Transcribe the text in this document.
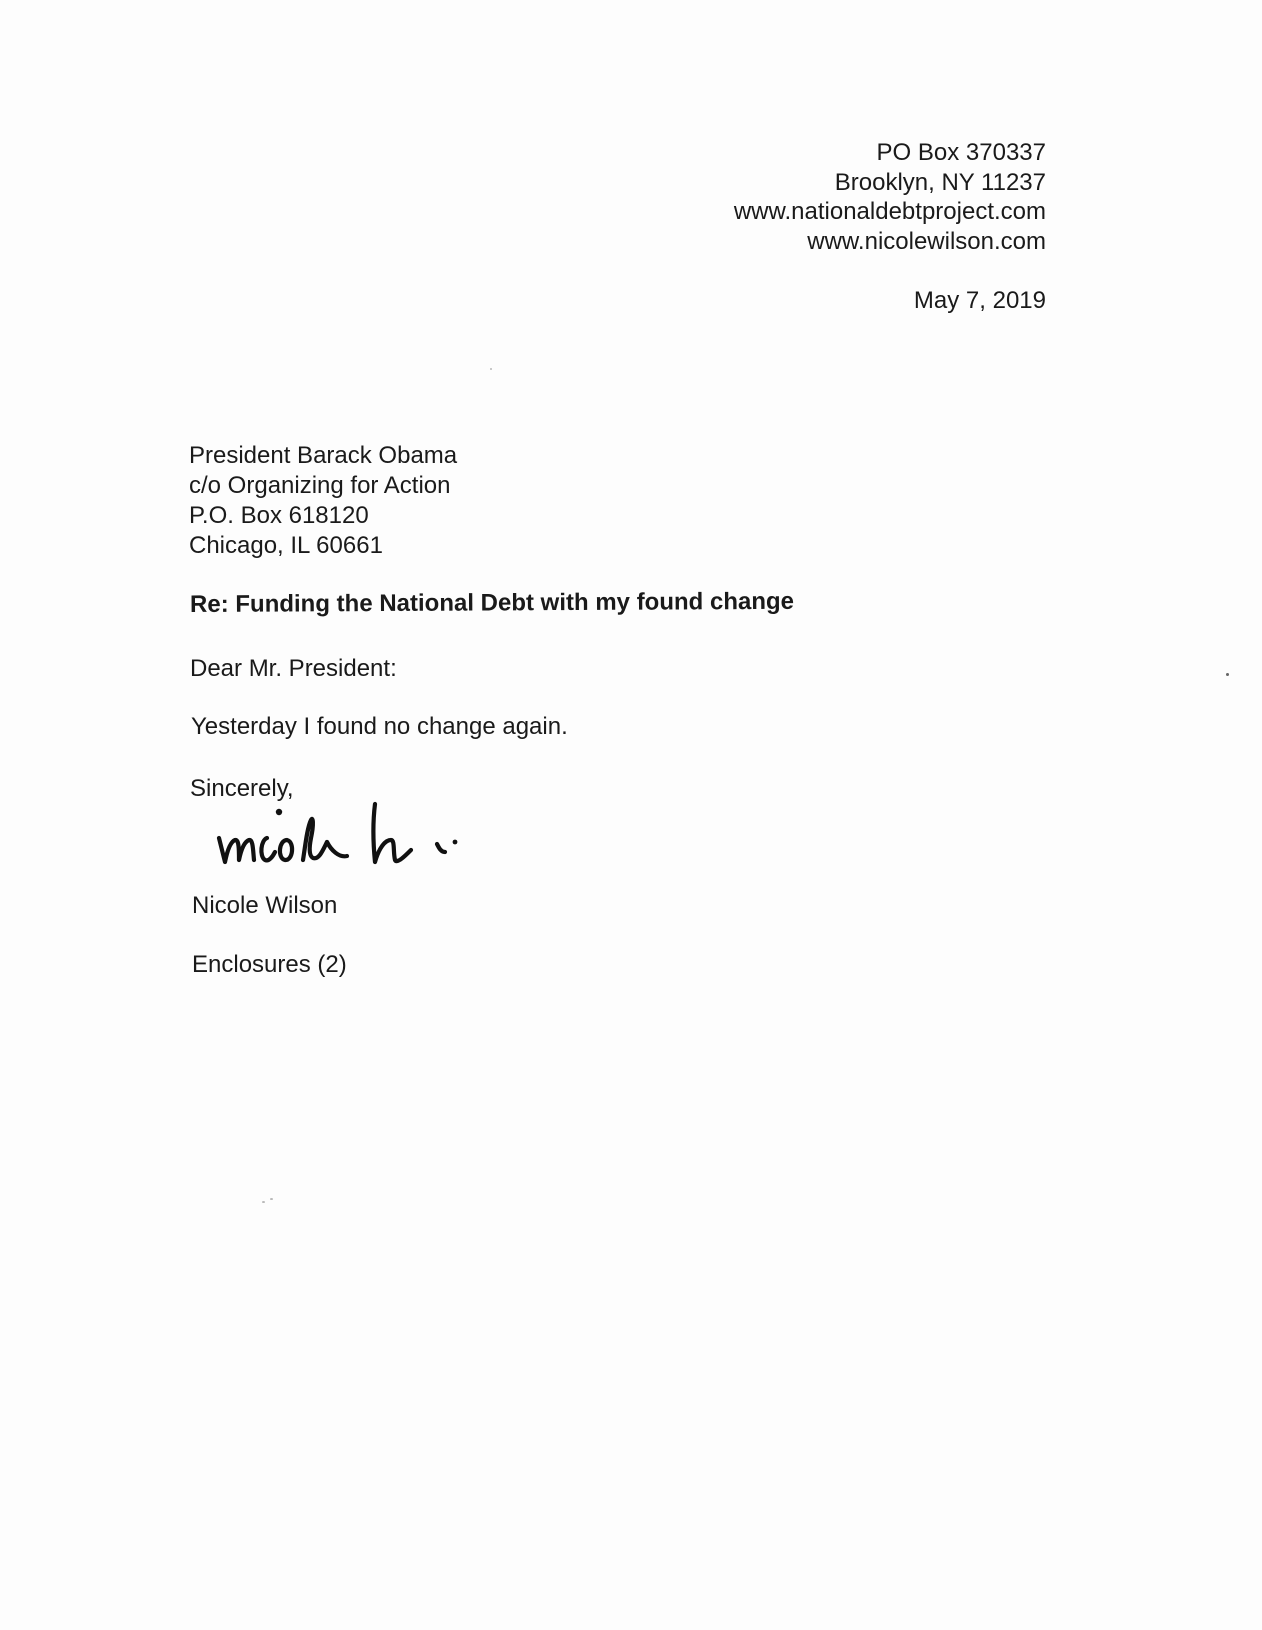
PO Box 370337
Brooklyn, NY 11237
www.nationaldebtproject.com
www.nicolewilson.com
May 7, 2019
President Barack Obama
c/o Organizing for Action
P.O. Box 618120
Chicago, IL 60661
Re: Funding the National Debt with my found change
Dear Mr. President:
Yesterday I found no change again.
Sincerely,
Nicole Wilson
Enclosures (2)
